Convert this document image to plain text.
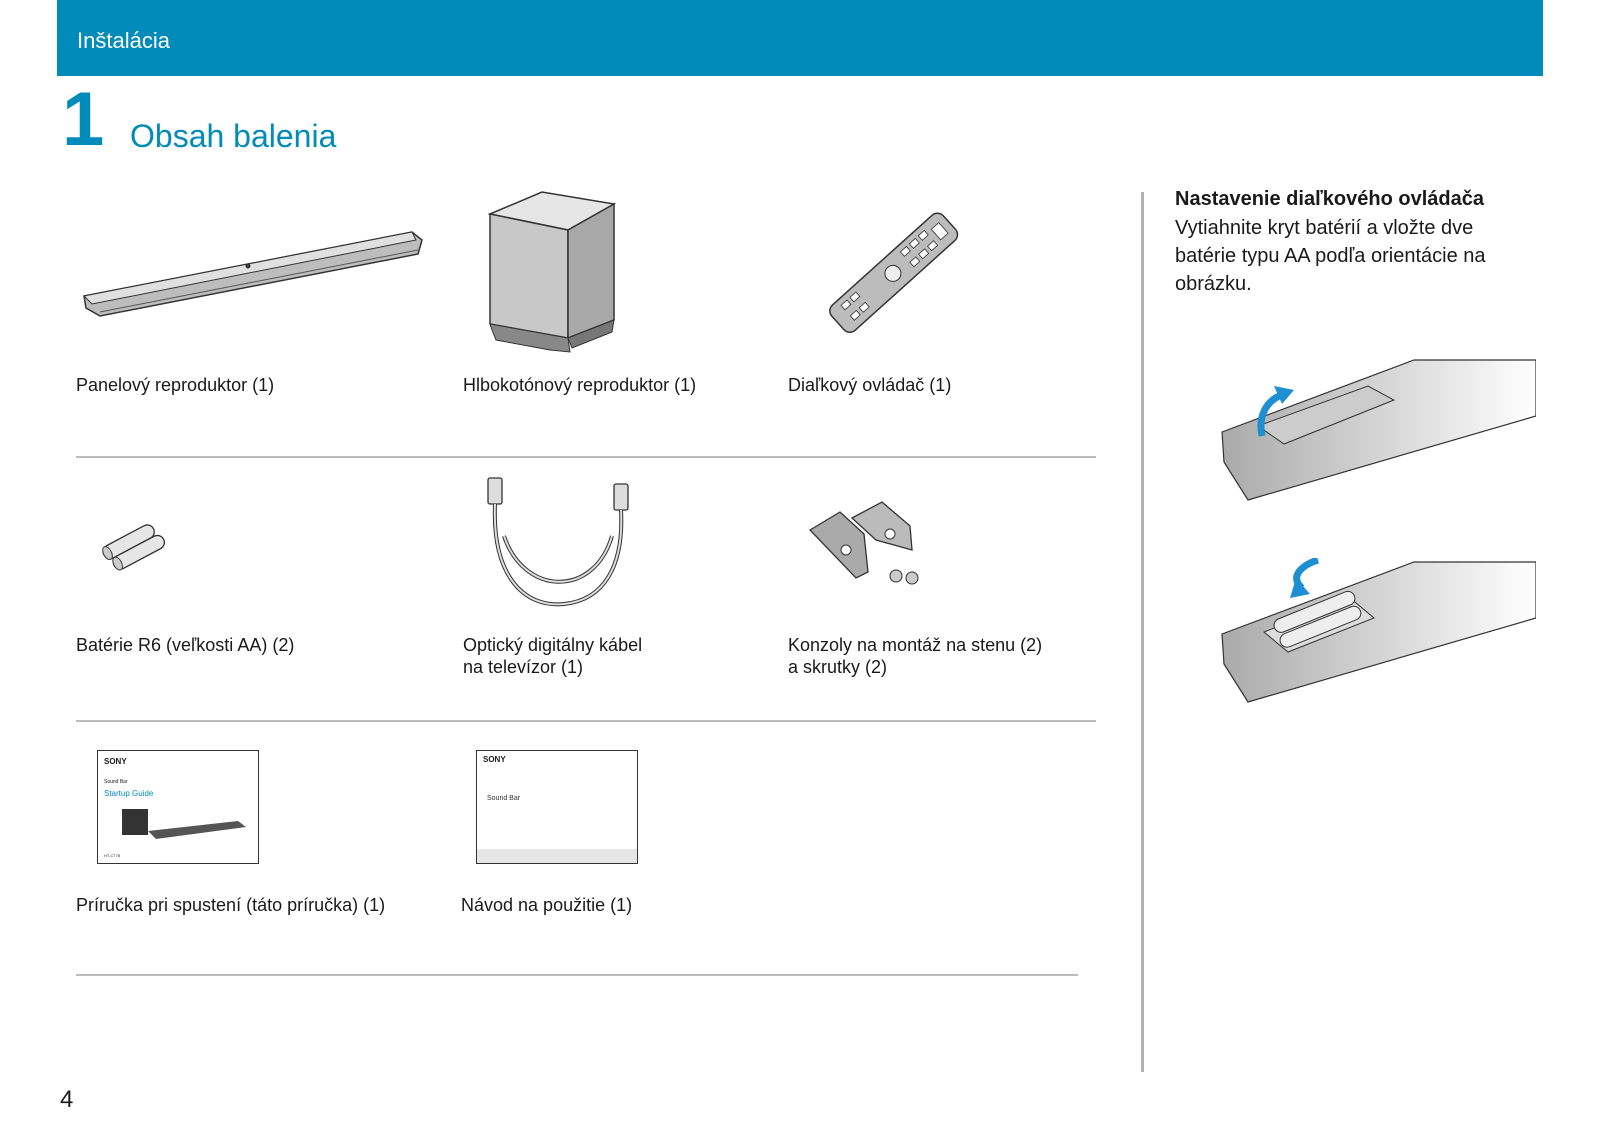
Inštalácia
1 Obsah balenia
Panelový reproduktor (1)	Hlbokotónový reproduktor (1)	Diaľkový ovládač (1)
Batérie R6 (veľkosti AA) (2)	Optický digitálny kábel
na televízor (1)
Konzoly na montáž na stenu (2)
a skrutky (2)
SONY
Sound Bar
Startup Guide
HT-CT78
Príručka pri spustení (táto príručka) (1)
SONY
Sound Bar
Návod na použitie (1)
Nastavenie diaľkového ovládača
Vytiahnite kryt batérií a vložte dve batérie typu AA podľa orientácie na obrázku.
4
